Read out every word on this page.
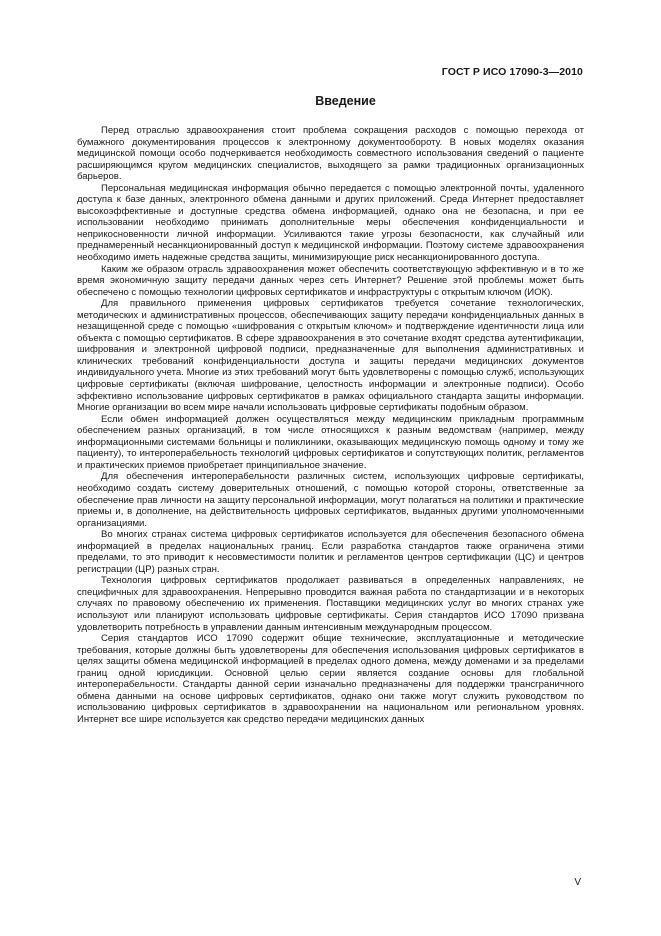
ГОСТ Р ИСО 17090-3—2010
Введение

Перед отраслью здравоохранения стоит проблема сокращения расходов с помощью перехода от бумажного документирования процессов к электронному документообороту. В новых моделях оказания медицинской помощи особо подчеркивается необходимость совместного использования сведений о пациенте расширяющимся кругом медицинских специалистов, выходящего за рамки традиционных организационных барьеров.

Персональная медицинская информация обычно передается с помощью электронной почты, удаленного доступа к базе данных, электронного обмена данными и других приложений. Среда Интернет предоставляет высокоэффективные и доступные средства обмена информацией, однако она не безопасна, и при ее использовании необходимо принимать дополнительные меры обеспечения конфиденциальности и неприкосновенности личной информации. Усиливаются такие угрозы безопасности, как случайный или преднамеренный несанкционированный доступ к медицинской информации. Поэтому системе здравоохранения необходимо иметь надежные средства защиты, минимизирующие риск несанкционированного доступа.

Каким же образом отрасль здравоохранения может обеспечить соответствующую эффективную и в то же время экономичную защиту передачи данных через сеть Интернет? Решение этой проблемы может быть обеспечено с помощью технологии цифровых сертификатов и инфраструктуры с открытым ключом (ИОК).

Для правильного применения цифровых сертификатов требуется сочетание технологических, методических и административных процессов, обеспечивающих защиту передачи конфиденциальных данных в незащищенной среде с помощью «шифрования с открытым ключом» и подтверждение идентичности лица или объекта с помощью сертификатов. В сфере здравоохранения в это сочетание входят средства аутентификации, шифрования и электронной цифровой подписи, предназначенные для выполнения административных и клинических требований конфиденциальности доступа и защиты передачи медицинских документов индивидуального учета. Многие из этих требований могут быть удовлетворены с помощью служб, использующих цифровые сертификаты (включая шифрование, целостность информации и электронные подписи). Особо эффективно использование цифровых сертификатов в рамках официального стандарта защиты информации. Многие организации во всем мире начали использовать цифровые сертификаты подобным образом.

Если обмен информацией должен осуществляться между медицинским прикладным программным обеспечением разных организаций, в том числе относящихся к разным ведомствам (например, между информационными системами больницы и поликлиники, оказывающих медицинскую помощь одному и тому же пациенту), то интероперабельность технологий цифровых сертификатов и сопутствующих политик, регламентов и практических приемов приобретает принципиальное значение.

Для обеспечения интероперабельности различных систем, использующих цифровые сертификаты, необходимо создать систему доверительных отношений, с помощью которой стороны, ответственные за обеспечение прав личности на защиту персональной информации, могут полагаться на политики и практические приемы и, в дополнение, на действительность цифровых сертификатов, выданных другими уполномоченными организациями.

Во многих странах система цифровых сертификатов используется для обеспечения безопасного обмена информацией в пределах национальных границ. Если разработка стандартов также ограничена этими пределами, то это приводит к несовместимости политик и регламентов центров сертификации (ЦС) и центров регистрации (ЦР) разных стран.

Технология цифровых сертификатов продолжает развиваться в определенных направлениях, не специфичных для здравоохранения. Непрерывно проводится важная работа по стандартизации и в некоторых случаях по правовому обеспечению их применения. Поставщики медицинских услуг во многих странах уже используют или планируют использовать цифровые сертификаты. Серия стандартов ИСО 17090 призвана удовлетворить потребность в управлении данным интенсивным международным процессом.

Серия стандартов ИСО 17090 содержит общие технические, эксплуатационные и методические требования, которые должны быть удовлетворены для обеспечения использования цифровых сертификатов в целях защиты обмена медицинской информацией в пределах одного домена, между доменами и за пределами границ одной юрисдикции. Основной целью серии является создание основы для глобальной интероперабельности. Стандарты данной серии изначально предназначены для поддержки трансграничного обмена данными на основе цифровых сертификатов, однако они также могут служить руководством по использованию цифровых сертификатов в здравоохранении на национальном или региональном уровнях. Интернет все шире используется как средство передачи медицинских данных

V
